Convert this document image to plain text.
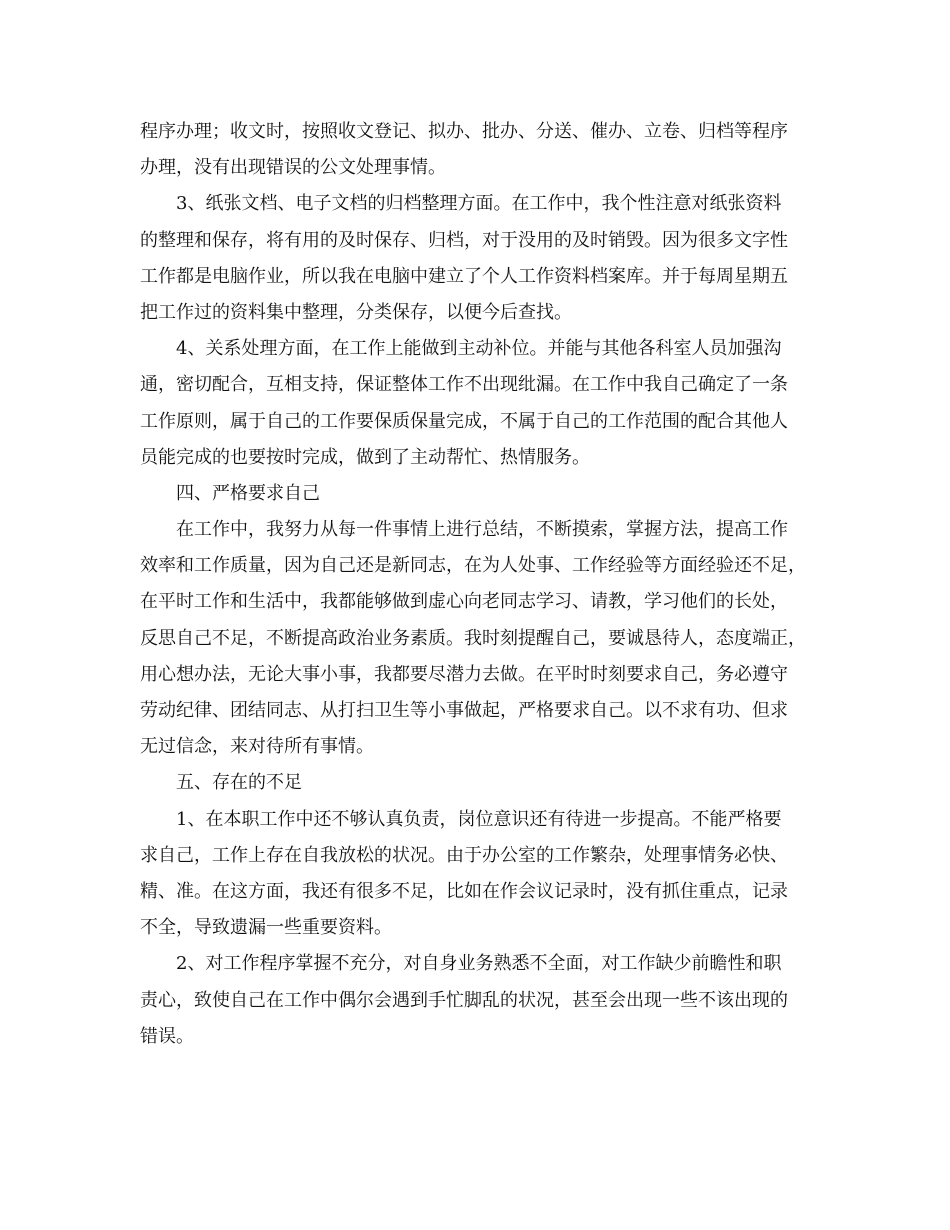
程序办理；收文时，按照收文登记、拟办、批办、分送、催办、立卷、归档等程序
办理，没有出现错误的公文处理事情。
3、纸张文档、电子文档的归档整理方面。在工作中，我个性注意对纸张资料
的整理和保存，将有用的及时保存、归档，对于没用的及时销毁。因为很多文字性
工作都是电脑作业，所以我在电脑中建立了个人工作资料档案库。并于每周星期五
把工作过的资料集中整理，分类保存，以便今后查找。
4、关系处理方面，在工作上能做到主动补位。并能与其他各科室人员加强沟
通，密切配合，互相支持，保证整体工作不出现纰漏。在工作中我自己确定了一条
工作原则，属于自己的工作要保质保量完成，不属于自己的工作范围的配合其他人
员能完成的也要按时完成，做到了主动帮忙、热情服务。
四、严格要求自己
在工作中，我努力从每一件事情上进行总结，不断摸索，掌握方法，提高工作
效率和工作质量，因为自己还是新同志，在为人处事、工作经验等方面经验还不足，
在平时工作和生活中，我都能够做到虚心向老同志学习、请教，学习他们的长处，
反思自己不足，不断提高政治业务素质。我时刻提醒自己，要诚恳待人，态度端正，
用心想办法，无论大事小事，我都要尽潜力去做。在平时时刻要求自己，务必遵守
劳动纪律、团结同志、从打扫卫生等小事做起，严格要求自己。以不求有功、但求
无过信念，来对待所有事情。
五、存在的不足
1、在本职工作中还不够认真负责，岗位意识还有待进一步提高。不能严格要
求自己，工作上存在自我放松的状况。由于办公室的工作繁杂，处理事情务必快、
精、准。在这方面，我还有很多不足，比如在作会议记录时，没有抓住重点，记录
不全，导致遗漏一些重要资料。
2、对工作程序掌握不充分，对自身业务熟悉不全面，对工作缺少前瞻性和职
责心，致使自己在工作中偶尔会遇到手忙脚乱的状况，甚至会出现一些不该出现的
错误。
